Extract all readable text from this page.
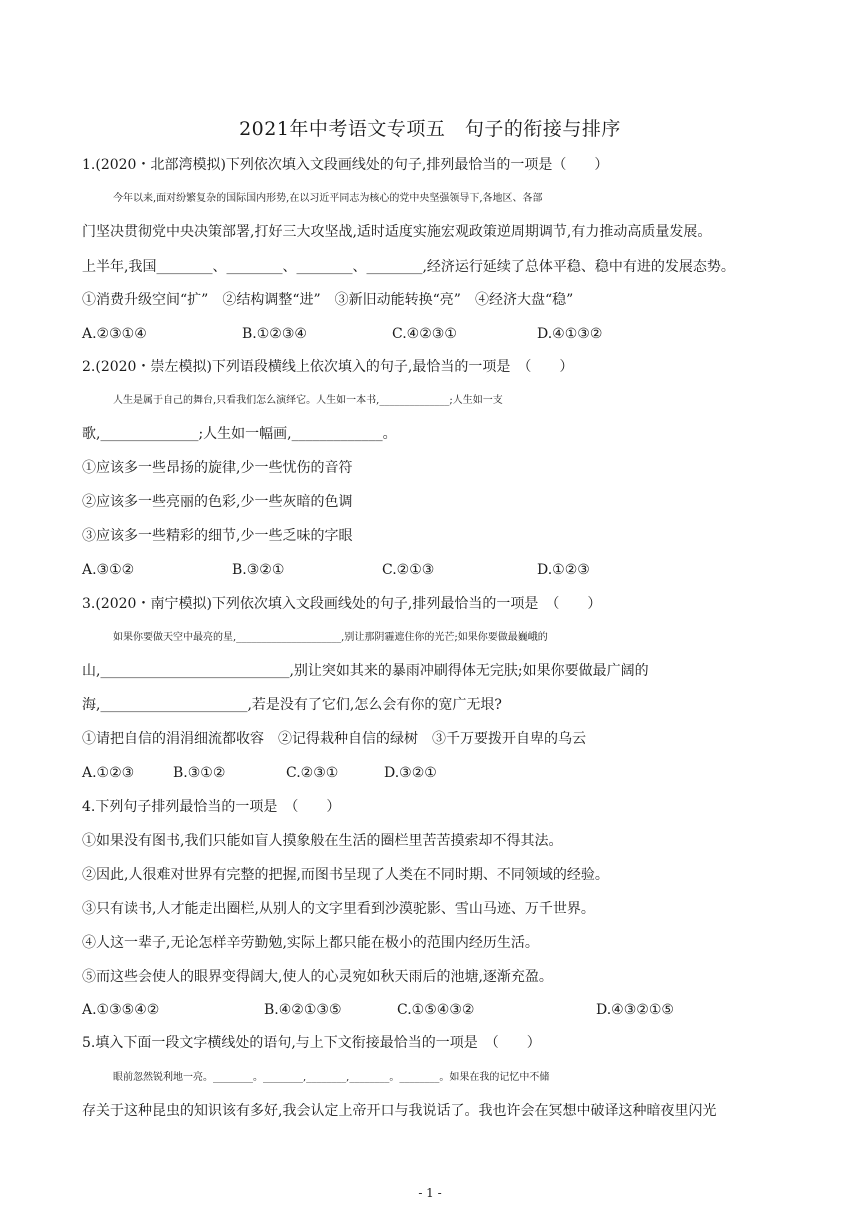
2021年中考语文专项五　句子的衔接与排序
1.(2020・北部湾模拟)下列依次填入文段画线处的句子,排列最恰当的一项是（　　）
今年以来,面对纷繁复杂的国际国内形势,在以习近平同志为核心的党中央坚强领导下,各地区、各部
门坚决贯彻党中央决策部署,打好三大攻坚战,适时适度实施宏观政策逆周期调节,有力推动高质量发展。
上半年,我国________、________、________、________,经济运行延续了总体平稳、稳中有进的发展态势。
①消费升级空间“扩”　②结构调整“进”　③新旧动能转换“亮”　④经济大盘“稳”
A.②③①④	B.①②③④	C.④②③①	D.④①③②
2.(2020・崇左模拟)下列语段横线上依次填入的句子,最恰当的一项是　（　　）
人生是属于自己的舞台,只看我们怎么演绎它。人生如一本书,______________;人生如一支
歌,______________;人生如一幅画,_____________。
①应该多一些昂扬的旋律,少一些忧伤的音符
②应该多一些亮丽的色彩,少一些灰暗的色调
③应该多一些精彩的细节,少一些乏味的字眼
A.③①②	B.③②①	C.②①③	D.①②③
3.(2020・南宁模拟)下列依次填入文段画线处的句子,排列最恰当的一项是　（　　）
如果你要做天空中最亮的星,_____________________,别让那阴霾遮住你的光芒;如果你要做最巍峨的
山,___________________________,别让突如其来的暴雨冲刷得体无完肤;如果你要做最广阔的
海,_____________________,若是没有了它们,怎么会有你的宽广无垠?
①请把自信的涓涓细流都收容　②记得栽种自信的绿树　③千万要拨开自卑的乌云
A.①②③	B.③①②	C.②③①	D.③②①
4.下列句子排列最恰当的一项是　（　　）
①如果没有图书,我们只能如盲人摸象般在生活的圈栏里苦苦摸索却不得其法。
②因此,人很难对世界有完整的把握,而图书呈现了人类在不同时期、不同领域的经验。
③只有读书,人才能走出圈栏,从别人的文字里看到沙漠驼影、雪山马迹、万千世界。
④人这一辈子,无论怎样辛劳勤勉,实际上都只能在极小的范围内经历生活。
⑤而这些会使人的眼界变得阔大,使人的心灵宛如秋天雨后的池塘,逐渐充盈。
A.①③⑤④②	B.④②①③⑤	C.①⑤④③②	D.④③②①⑤
5.填入下面一段文字横线处的语句,与上下文衔接最恰当的一项是　（　　）
眼前忽然锐利地一亮。________。________,________,________。________。如果在我的记忆中不储
存关于这种昆虫的知识该有多好,我会认定上帝开口与我说话了。我也许会在冥想中破译这种暗夜里闪光
- 1 -
